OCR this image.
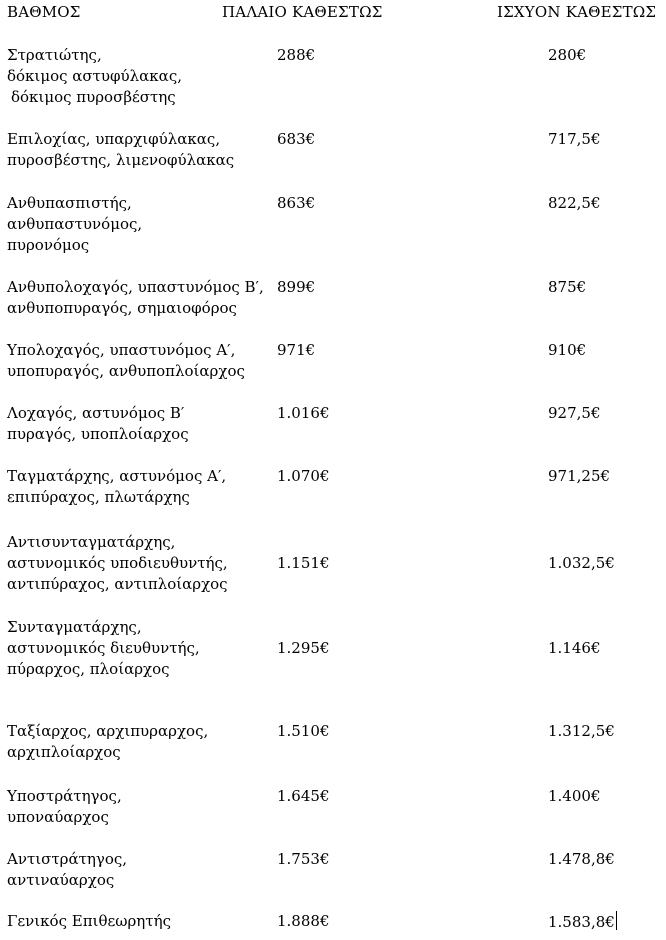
ΒΑΘΜΟΣ	ΠΑΛΑΙΟ ΚΑΘΕΣΤΩΣ	ΙΣΧΥΟΝ ΚΑΘΕΣΤΩΣ
Στρατιώτης,
δόκιμος αστυφύλακας,
δόκιμος πυροσβέστης
288€	280€
Επιλοχίας, υπαρχιφύλακας,
πυροσβέστης, λιμενοφύλακας
683€	717,5€
Ανθυπασπιστής,
ανθυπαστυνόμος,
πυρονόμος
863€	822,5€
Ανθυπολοχαγός, υπαστυνόμος Β′,
ανθυποπυραγός, σημαιοφόρος
899€	875€
Υπολοχαγός, υπαστυνόμος Α′,
υποπυραγός, ανθυποπλοίαρχος
971€	910€
Λοχαγός, αστυνόμος Β′
πυραγός, υποπλοίαρχος
1.016€	927,5€
Ταγματάρχης, αστυνόμος Α′,
επιπύραχος, πλωτάρχης
1.070€	971,25€
Αντισυνταγματάρχης,
αστυνομικός υποδιευθυντής,
αντιπύραχος, αντιπλοίαρχος
1.151€	1.032,5€
Συνταγματάρχης,
αστυνομικός διευθυντής,
πύραρχος, πλοίαρχος
1.295€	1.146€
Ταξίαρχος, αρχιπυραρχος,
αρχιπλοίαρχος
1.510€	1.312,5€
Υποστράτηγος,
υποναύαρχος
1.645€	1.400€
Αντιστράτηγος,
αντιναύαρχος
1.753€	1.478,8€
Γενικός Επιθεωρητής	1.888€	1.583,8€
